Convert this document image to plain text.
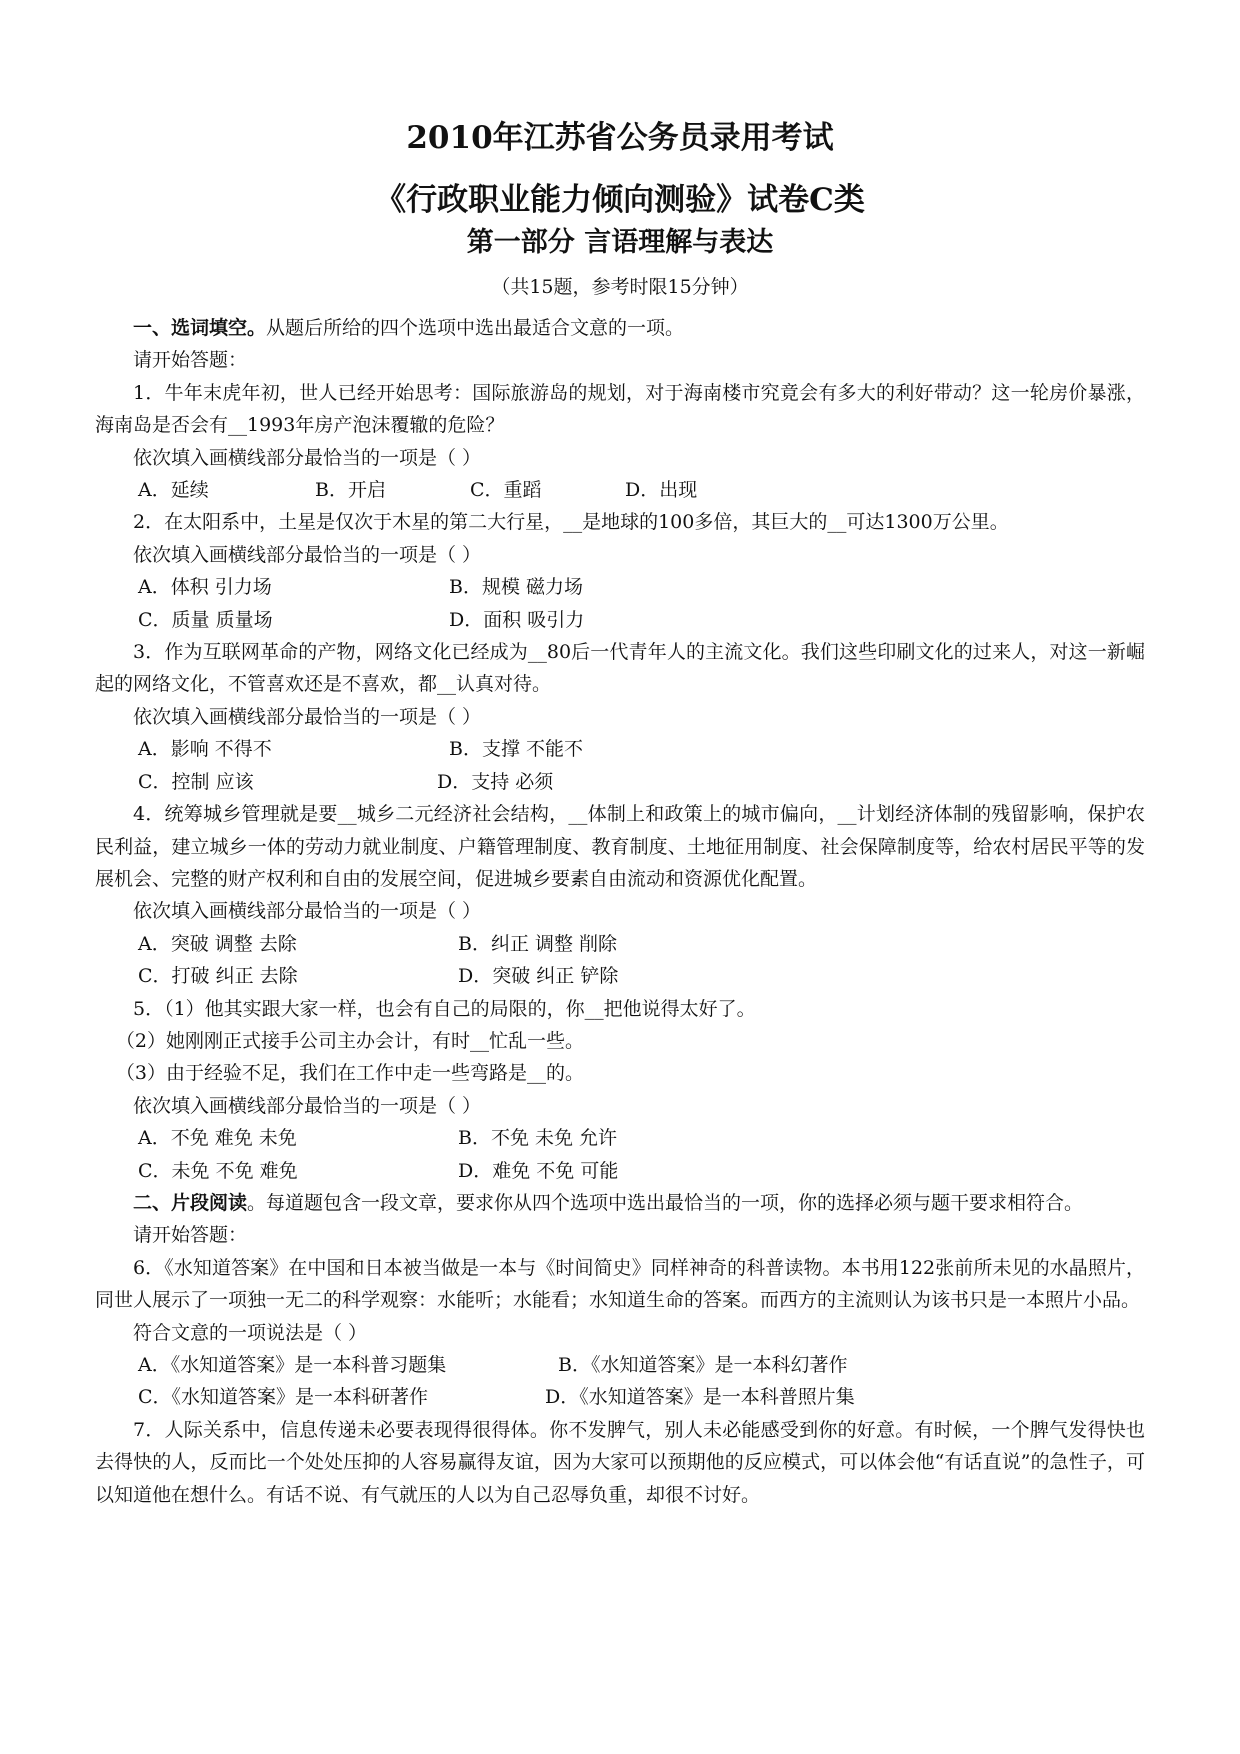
2010年江苏省公务员录用考试
《行政职业能力倾向测验》试卷C类
第一部分 言语理解与表达
（共15题，参考时限15分钟）

一、选词填空。从题后所给的四个选项中选出最适合文意的一项。

请开始答题：

1．牛年末虎年初，世人已经开始思考：国际旅游岛的规划，对于海南楼市究竟会有多大的利好带动？这一轮房价暴涨，海南岛是否会有__1993年房产泡沫覆辙的危险？

依次填入画横线部分最恰当的一项是（ ）

A．延续	B．开启	C．重蹈	D．出现

2．在太阳系中，土星是仅次于木星的第二大行星，__是地球的100多倍，其巨大的__可达1300万公里。

依次填入画横线部分最恰当的一项是（ ）

A．体积 引力场	B．规模 磁力场
C．质量 质量场	D．面积 吸引力

3．作为互联网革命的产物，网络文化已经成为__80后一代青年人的主流文化。我们这些印刷文化的过来人，对这一新崛起的网络文化，不管喜欢还是不喜欢，都__认真对待。

依次填入画横线部分最恰当的一项是（ ）

A．影响 不得不	B．支撑 不能不
C．控制 应该	D．支持 必须

4．统筹城乡管理就是要__城乡二元经济社会结构，__体制上和政策上的城市偏向，__计划经济体制的残留影响，保护农民利益，建立城乡一体的劳动力就业制度、户籍管理制度、教育制度、土地征用制度、社会保障制度等，给农村居民平等的发展机会、完整的财产权利和自由的发展空间，促进城乡要素自由流动和资源优化配置。

依次填入画横线部分最恰当的一项是（ ）

A．突破 调整 去除	B．纠正 调整 削除
C．打破 纠正 去除	D．突破 纠正 铲除

5．（1）他其实跟大家一样，也会有自己的局限的，你__把他说得太好了。

（2）她刚刚正式接手公司主办会计，有时__忙乱一些。

（3）由于经验不足，我们在工作中走一些弯路是__的。

依次填入画横线部分最恰当的一项是（ ）

A．不免 难免 未免	B．不免 未免 允许
C．未免 不免 难免	D．难免 不免 可能

二、片段阅读。每道题包含一段文章，要求你从四个选项中选出最恰当的一项，你的选择必须与题干要求相符合。

请开始答题：

6．《水知道答案》在中国和日本被当做是一本与《时间简史》同样神奇的科普读物。本书用122张前所未见的水晶照片，同世人展示了一项独一无二的科学观察：水能听；水能看；水知道生命的答案。而西方的主流则认为该书只是一本照片小品。

符合文意的一项说法是（ ）

A．《水知道答案》是一本科普习题集	B．《水知道答案》是一本科幻著作
C．《水知道答案》是一本科研著作	D．《水知道答案》是一本科普照片集

7．人际关系中，信息传递未必要表现得很得体。你不发脾气，别人未必能感受到你的好意。有时候，一个脾气发得快也去得快的人，反而比一个处处压抑的人容易赢得友谊，因为大家可以预期他的反应模式，可以体会他“有话直说”的急性子，可以知道他在想什么。有话不说、有气就压的人以为自己忍辱负重，却很不讨好。
